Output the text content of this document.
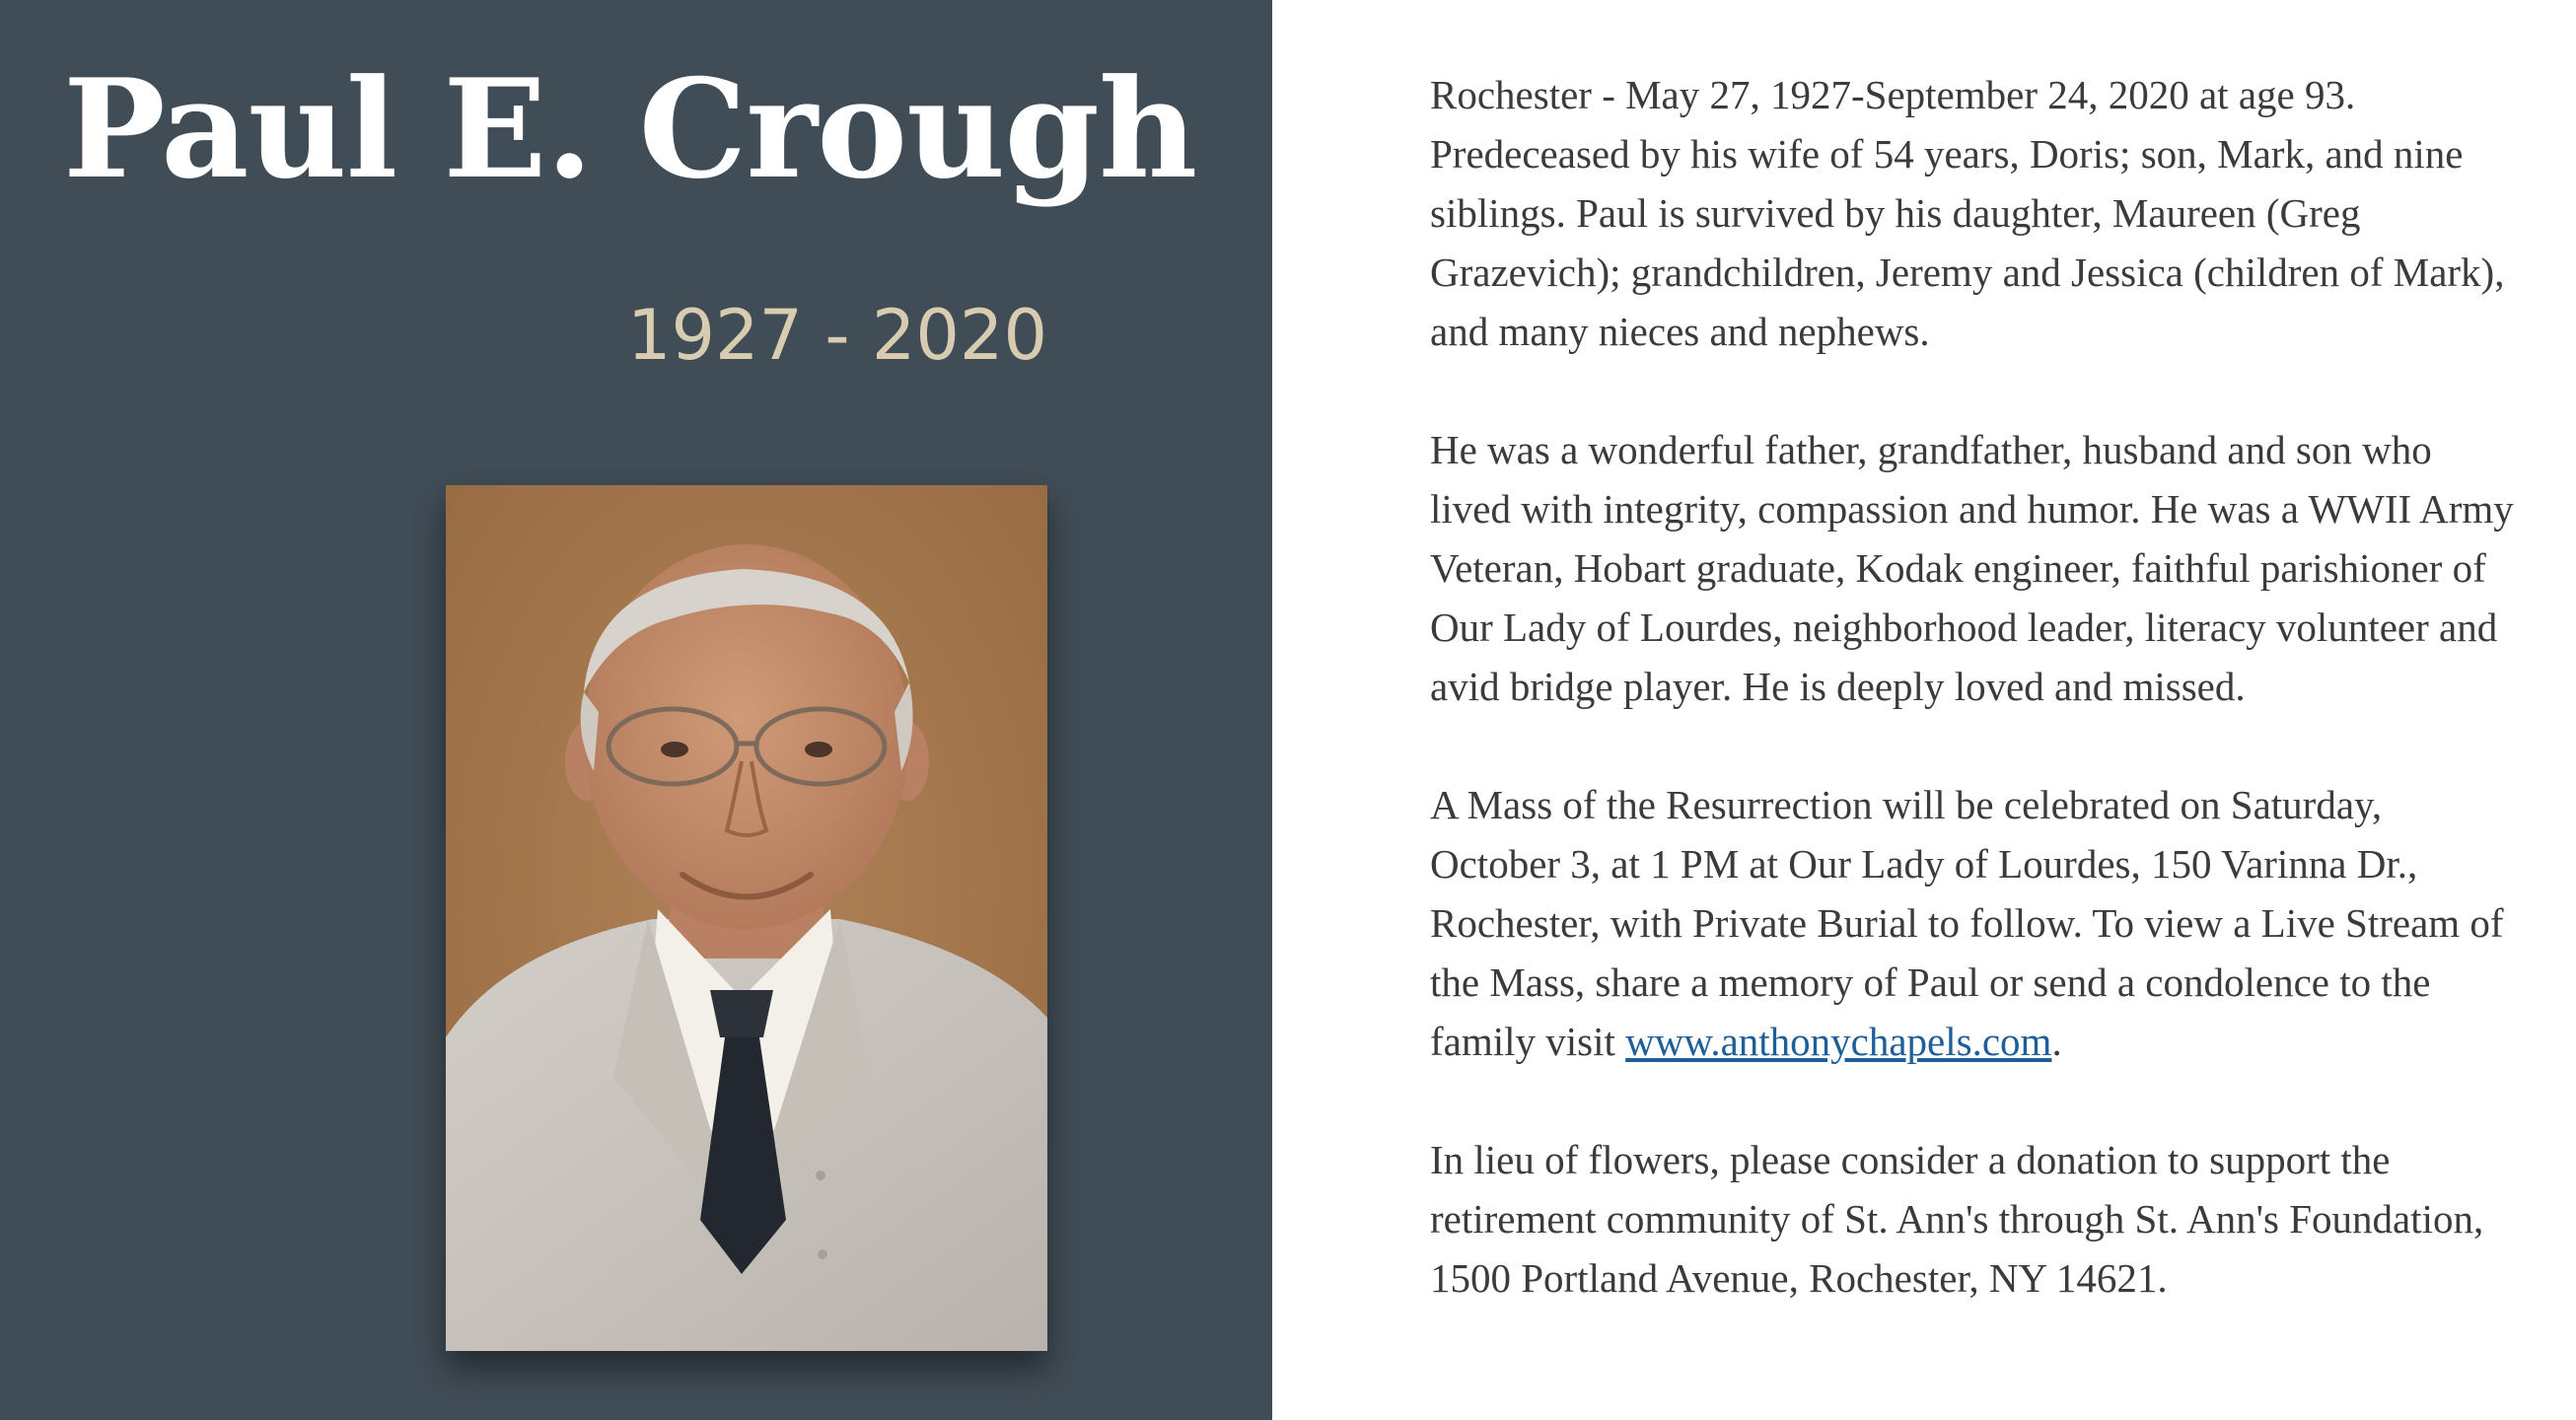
Paul E. Crough

1927 - 2020

Rochester - May 27, 1927-September 24, 2020 at age 93. Predeceased by his wife of 54 years, Doris; son, Mark, and nine siblings. Paul is survived by his daughter, Maureen (Greg Grazevich); grandchildren, Jeremy and Jessica (children of Mark), and many nieces and nephews.

He was a wonderful father, grandfather, husband and son who lived with integrity, compassion and humor. He was a WWII Army Veteran, Hobart graduate, Kodak engineer, faithful parishioner of Our Lady of Lourdes, neighborhood leader, literacy volunteer and avid bridge player. He is deeply loved and missed.

A Mass of the Resurrection will be celebrated on Saturday, October 3, at 1 PM at Our Lady of Lourdes, 150 Varinna Dr., Rochester, with Private Burial to follow. To view a Live Stream of the Mass, share a memory of Paul or send a condolence to the family visit www.anthonychapels.com.

In lieu of flowers, please consider a donation to support the retirement community of St. Ann's through St. Ann's Foundation, 1500 Portland Avenue, Rochester, NY 14621.
